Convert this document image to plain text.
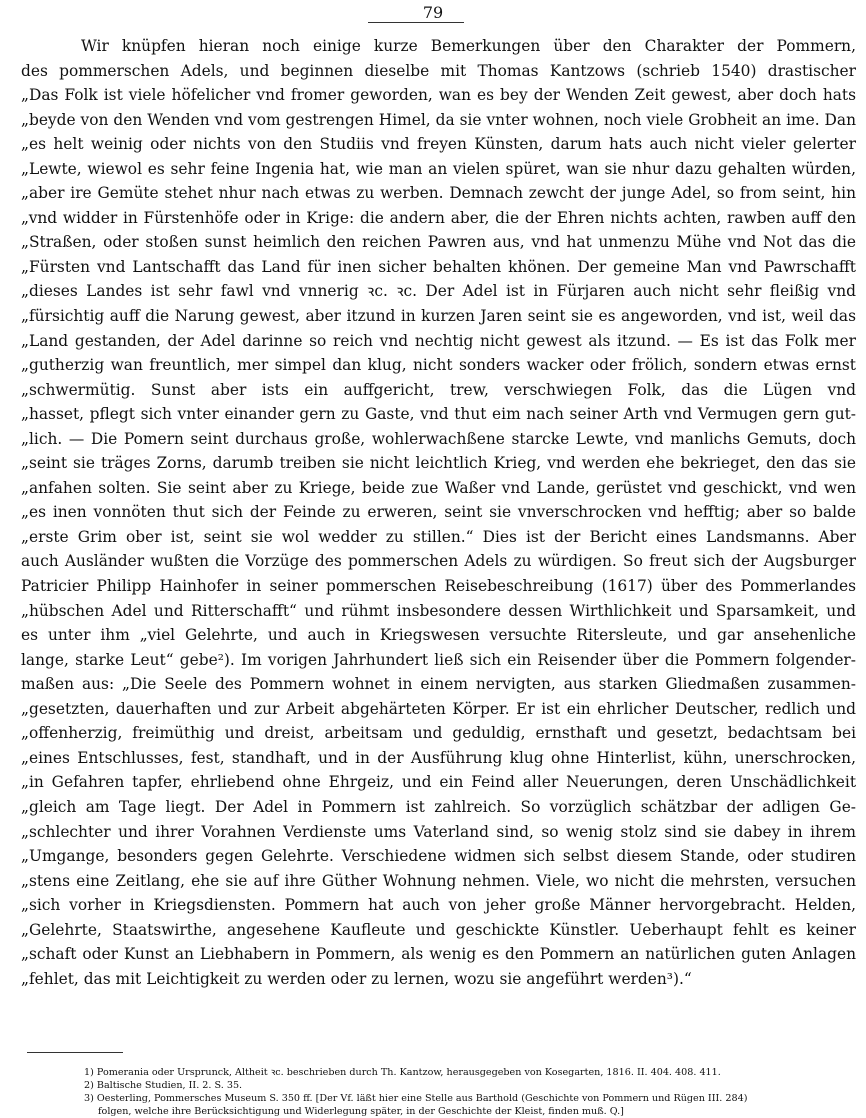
79
Wir knüpfen hieran noch einige kurze Bemerkungen über den Charakter der Pommern,
des pommerschen Adels, und beginnen dieselbe mit Thomas Kantzows (schrieb 1540) drastischer
„Das Folk ist viele höfelicher vnd fromer geworden, wan es bey der Wenden Zeit gewest, aber doch hats
„beyde von den Wenden vnd vom gestrengen Himel, da sie vnter wohnen, noch viele Grobheit an ime. Dan
„es helt weinig oder nichts von den Studiis vnd freyen Künsten, darum hats auch nicht vieler gelerter
„Lewte, wiewol es sehr feine Ingenia hat, wie man an vielen spüret, wan sie nhur dazu gehalten würden,
„aber ire Gemüte stehet nhur nach etwas zu werben. Demnach zewcht der junge Adel, so from seint, hin
„vnd widder in Fürstenhöfe oder in Krige: die andern aber, die der Ehren nichts achten, rawben auff den
„Straßen, oder stoßen sunst heimlich den reichen Pawren aus, vnd hat unmenzu Mühe vnd Not das die
„Fürsten vnd Lantschafft das Land für inen sicher behalten khönen. Der gemeine Man vnd Pawrschafft
„dieses Landes ist sehr fawl vnd vnnerig ꝛc. ꝛc. Der Adel ist in Fürjaren auch nicht sehr fleißig vnd
„fürsichtig auff die Narung gewest, aber itzund in kurzen Jaren seint sie es angeworden, vnd ist, weil das
„Land gestanden, der Adel darinne so reich vnd nechtig nicht gewest als itzund. — Es ist das Folk mer
„gutherzig wan freuntlich, mer simpel dan klug, nicht sonders wacker oder frölich, sondern etwas ernst
„schwermütig. Sunst aber ists ein auffgericht, trew, verschwiegen Folk, das die Lügen vnd
„hasset, pflegt sich vnter einander gern zu Gaste, vnd thut eim nach seiner Arth vnd Vermugen gern gut-
„lich. — Die Pomern seint durchaus große, wohlerwachßene starcke Lewte, vnd manlichs Gemuts, doch
„seint sie träges Zorns, darumb treiben sie nicht leichtlich Krieg, vnd werden ehe bekrieget, den das sie
„anfahen solten. Sie seint aber zu Kriege, beide zue Waßer vnd Lande, gerüstet vnd geschickt, vnd wen
„es inen vonnöten thut sich der Feinde zu erweren, seint sie vnverschrocken vnd hefftig; aber so balde
„erste Grim ober ist, seint sie wol wedder zu stillen.“ Dies ist der Bericht eines Landsmanns. Aber
auch Ausländer wußten die Vorzüge des pommerschen Adels zu würdigen. So freut sich der Augsburger
Patricier Philipp Hainhofer in seiner pommerschen Reisebeschreibung (1617) über des Pommerlandes
„hübschen Adel und Ritterschafft“ und rühmt insbesondere dessen Wirthlichkeit und Sparsamkeit, und
es unter ihm „viel Gelehrte, und auch in Kriegswesen versuchte Ritersleute, und gar ansehenliche
lange, starke Leut“ gebe²). Im vorigen Jahrhundert ließ sich ein Reisender über die Pommern folgender-
maßen aus: „Die Seele des Pommern wohnet in einem nervigten, aus starken Gliedmaßen zusammen-
„gesetzten, dauerhaften und zur Arbeit abgehärteten Körper. Er ist ein ehrlicher Deutscher, redlich und
„offenherzig, freimüthig und dreist, arbeitsam und geduldig, ernsthaft und gesetzt, bedachtsam bei
„eines Entschlusses, fest, standhaft, und in der Ausführung klug ohne Hinterlist, kühn, unerschrocken,
„in Gefahren tapfer, ehrliebend ohne Ehrgeiz, und ein Feind aller Neuerungen, deren Unschädlichkeit
„gleich am Tage liegt. Der Adel in Pommern ist zahlreich. So vorzüglich schätzbar der adligen Ge-
„schlechter und ihrer Vorahnen Verdienste ums Vaterland sind, so wenig stolz sind sie dabey in ihrem
„Umgange, besonders gegen Gelehrte. Verschiedene widmen sich selbst diesem Stande, oder studiren
„stens eine Zeitlang, ehe sie auf ihre Güther Wohnung nehmen. Viele, wo nicht die mehrsten, versuchen
„sich vorher in Kriegsdiensten. Pommern hat auch von jeher große Männer hervorgebracht. Helden,
„Gelehrte, Staatswirthe, angesehene Kaufleute und geschickte Künstler. Ueberhaupt fehlt es keiner
„schaft oder Kunst an Liebhabern in Pommern, als wenig es den Pommern an natürlichen guten Anlagen
„fehlet, das mit Leichtigkeit zu werden oder zu lernen, wozu sie angeführt werden³).“
1) Pomerania oder Ursprunck, Altheit ꝛc. beschrieben durch Th. Kantzow, herausgegeben von Kosegarten, 1816. II. 404. 408. 411.
2) Baltische Studien, II. 2. S. 35.
3) Oesterling, Pommersches Museum S. 350 ff. [Der Vf. läßt hier eine Stelle aus Barthold (Geschichte von Pommern und Rügen III. 284)
folgen, welche ihre Berücksichtigung und Widerlegung später, in der Geschichte der Kleist, finden muß. Q.]
